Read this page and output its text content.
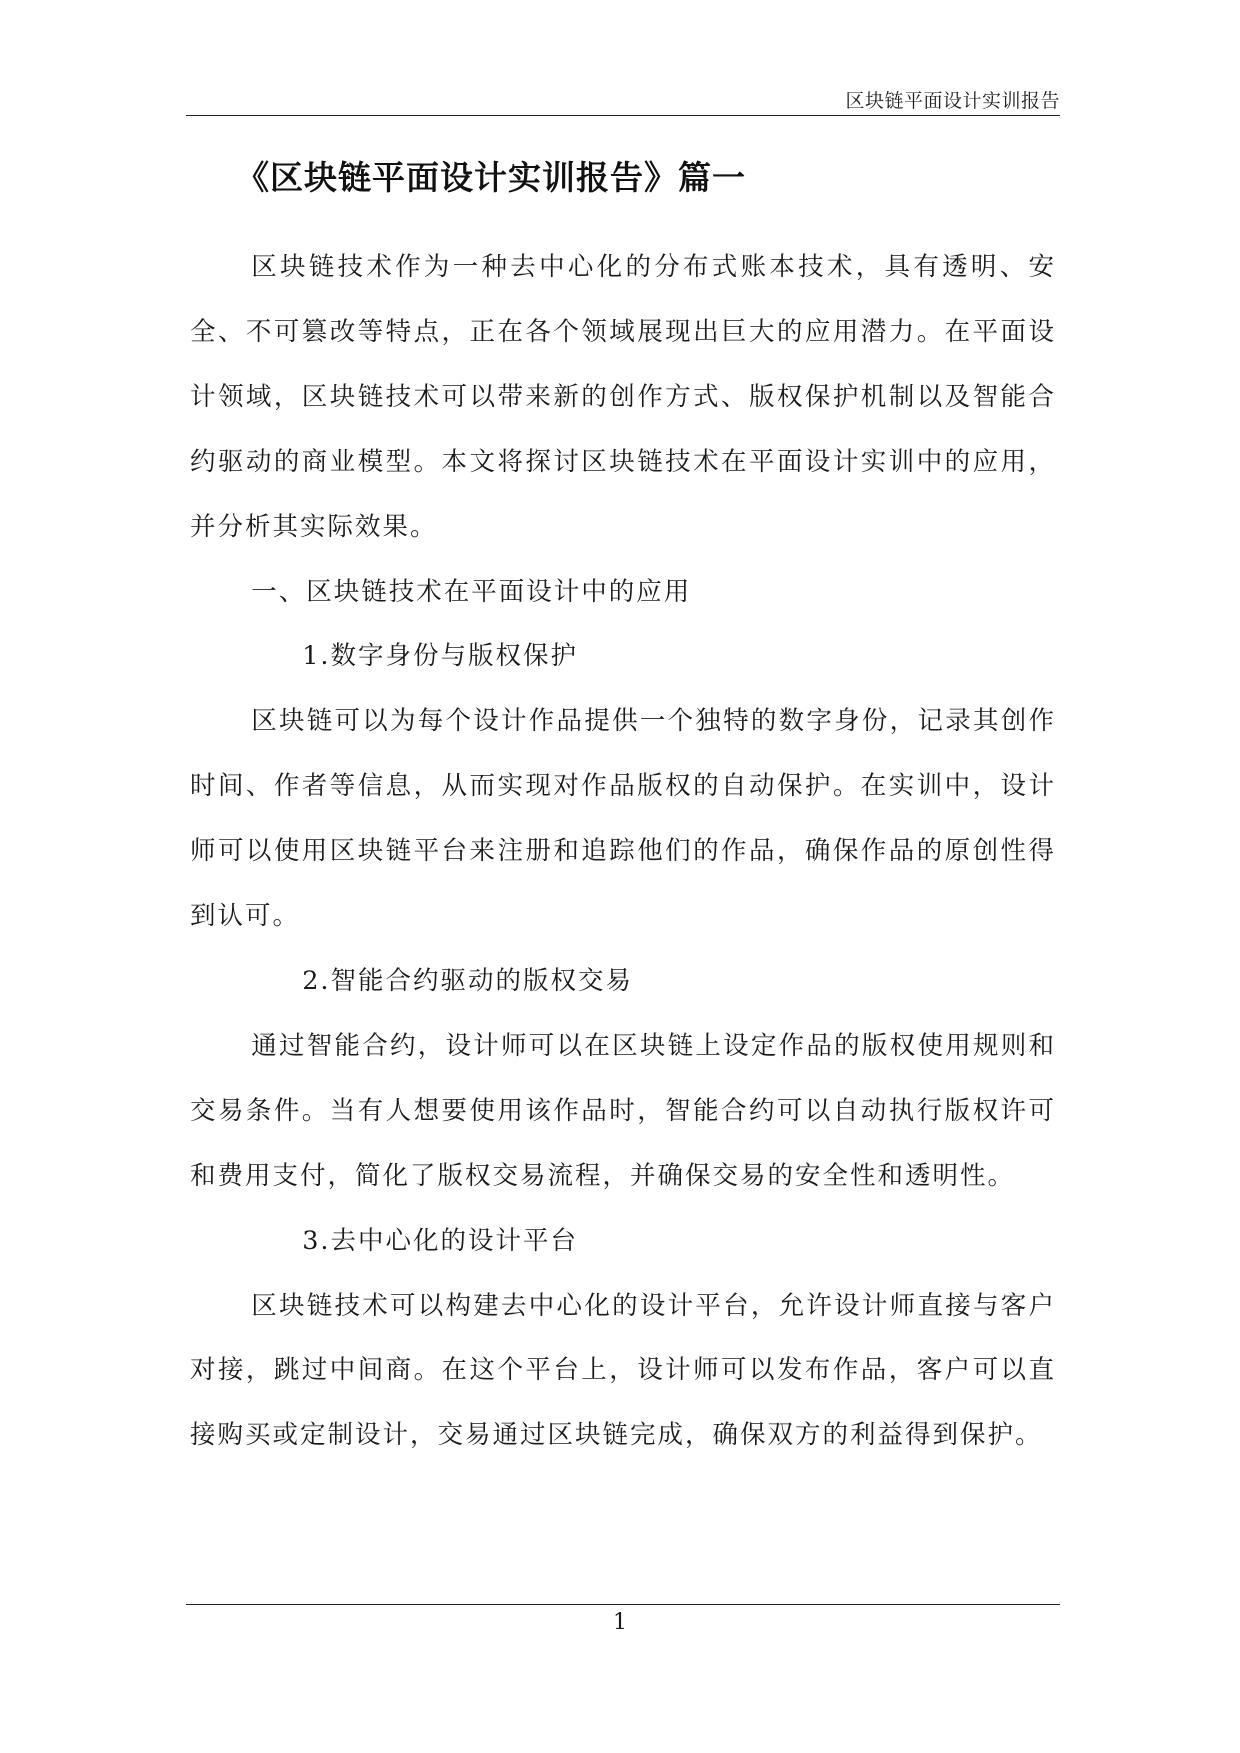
区块链平面设计实训报告
《区块链平面设计实训报告》篇一

区块链技术作为一种去中心化的分布式账本技术，具有透明、安全、不可篡改等特点，正在各个领域展现出巨大的应用潜力。在平面设计领域，区块链技术可以带来新的创作方式、版权保护机制以及智能合约驱动的商业模型。本文将探讨区块链技术在平面设计实训中的应用，并分析其实际效果。

一、区块链技术在平面设计中的应用

1.数字身份与版权保护

区块链可以为每个设计作品提供一个独特的数字身份，记录其创作时间、作者等信息，从而实现对作品版权的自动保护。在实训中，设计师可以使用区块链平台来注册和追踪他们的作品，确保作品的原创性得到认可。

2.智能合约驱动的版权交易

通过智能合约，设计师可以在区块链上设定作品的版权使用规则和交易条件。当有人想要使用该作品时，智能合约可以自动执行版权许可和费用支付，简化了版权交易流程，并确保交易的安全性和透明性。

3.去中心化的设计平台

区块链技术可以构建去中心化的设计平台，允许设计师直接与客户对接，跳过中间商。在这个平台上，设计师可以发布作品，客户可以直接购买或定制设计，交易通过区块链完成，确保双方的利益得到保护。

1
